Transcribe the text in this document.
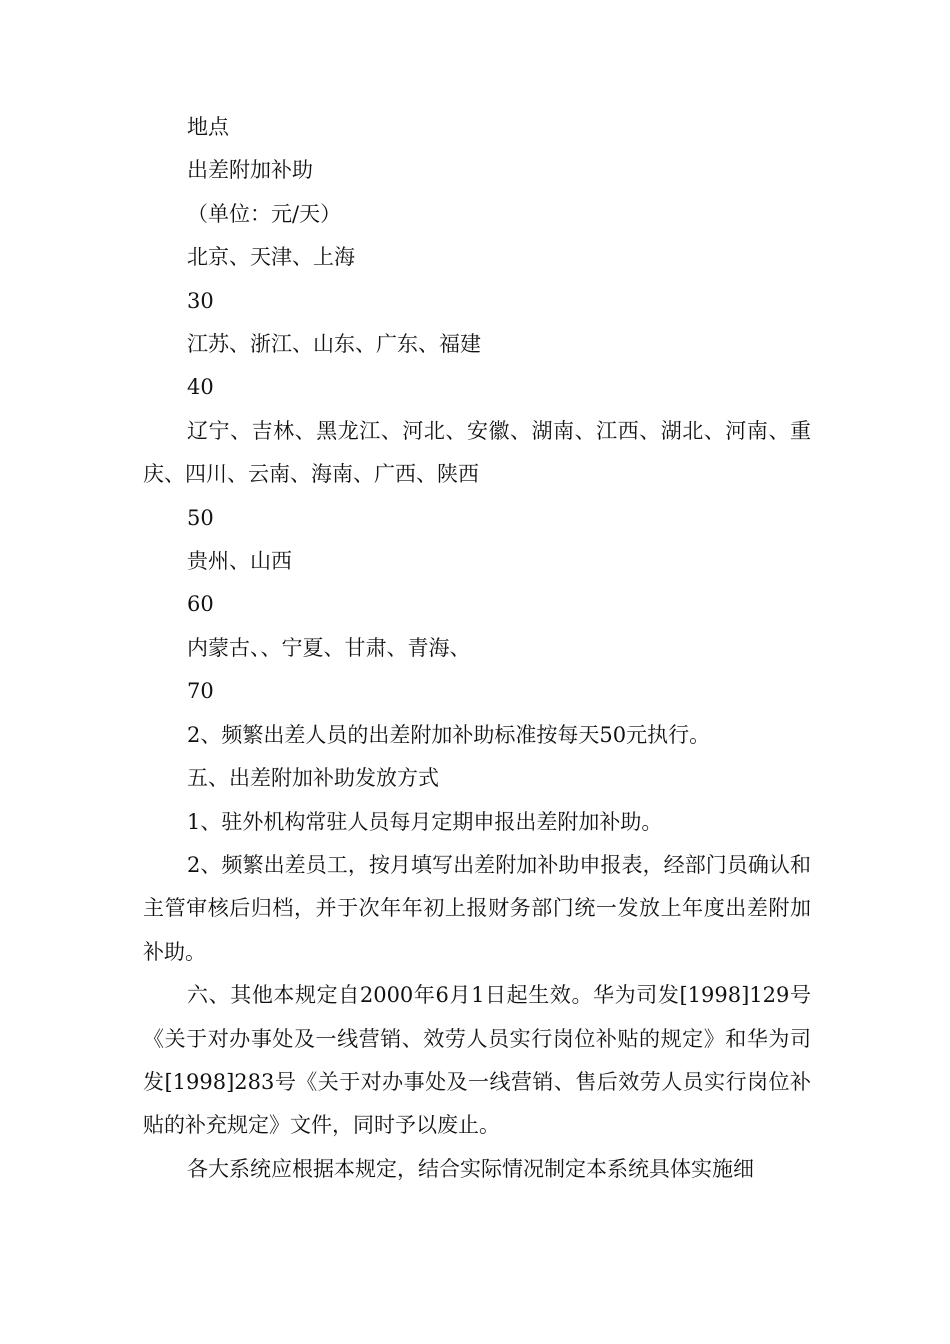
地点

出差附加补助

（单位：元/天）

北京、天津、上海

30

江苏、浙江、山东、广东、福建

40

辽宁、吉林、黑龙江、河北、安徽、湖南、江西、湖北、河南、重庆、四川、云南、海南、广西、陕西

50

贵州、山西

60

内蒙古、、宁夏、甘肃、青海、

70

2、频繁出差人员的出差附加补助标准按每天50元执行。

五、出差附加补助发放方式

1、驻外机构常驻人员每月定期申报出差附加补助。

2、频繁出差员工，按月填写出差附加补助申报表，经部门员确认和主管审核后归档，并于次年年初上报财务部门统一发放上年度出差附加补助。

六、其他本规定自2000年6月1日起生效。华为司发[1998]129号《关于对办事处及一线营销、效劳人员实行岗位补贴的规定》和华为司发[1998]283号《关于对办事处及一线营销、售后效劳人员实行岗位补贴的补充规定》文件，同时予以废止。

各大系统应根据本规定，结合实际情况制定本系统具体实施细
